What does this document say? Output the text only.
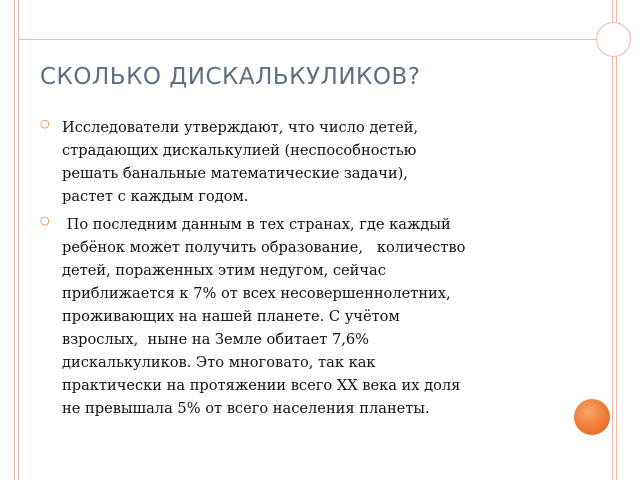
СКОЛЬКО ДИСКАЛЬКУЛИКОВ?
○ Исследователи утверждают, что число детей,
страдающих дискалькулией (неспособностью
решать банальные математические задачи),
растет с каждым годом.
○ По последним данным в тех странах, где каждый
ребёнок может получить образование,   количество
детей, пораженных этим недугом, сейчас
приближается к 7% от всех несовершеннолетних,
проживающих на нашей планете. С учётом
взрослых,  ныне на Земле обитает 7,6%
дискалькуликов. Это многовато, так как
практически на протяжении всего XX века их доля
не превышала 5% от всего населения планеты.
